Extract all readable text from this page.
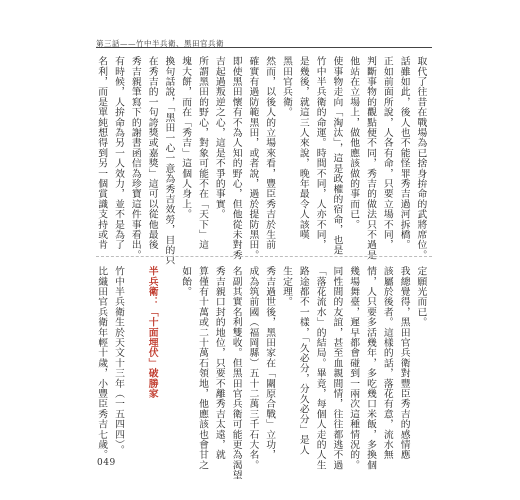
第三話——竹中半兵衛、黑田官兵衛
取代了往昔在戰場為已捨身拚命的武將席位。
話雖如此，後人也不能怪罪秀吉過河拆橋。
正如前面所說，人各有命，只要立場不同，
判斷事物的觀點便不同，秀吉的做法只不過是
他站在立場上，做他應該做的事而已。
使事物走向「淘汰」，這是政權的宿命，也是
竹中半兵衛的命運。時間不同，人亦不同，
是幾後，就這三人來說，晚年最令人該嘆
黑田官兵衛。
然而，以後人的立場來看，豐臣秀吉於生前
確實有過防範黑田，或者說，過於提防黑田。
即使黑田懷有不為人知的野心，但他從未對秀
吉起過叛逆之心，這是不爭的事實。
所謂黑田的野心，對象可能不在「天下」這
塊大餅，而在「秀吉」這個人身上。
換句話說，「黑田一心一意為秀吉效勞，目的只
在秀吉的一句誇獎或嘉獎」這可以從他最後
秀吉親筆寫下的謝書函信為珍寶這件事看出。
有時候，人拚命為另一人效力，並不是為了
名利，而是單純想得到另一個賞識支持或肯
定願光而已。
我總覺得，黑田官兵衛對豐臣秀吉的感情應
該屬於後者。這樣的話，落花有意，流水無
情，人只要多活幾年，多吃幾口米飯，多換個
幾場舞臺，遲早都會碰到一兩次這種情況的。
同性間的友誼，甚至血親間情，往往都逃不過
「落花流水」的結局。畢竟，每個人走的人生
路途都不一樣，「久必分，分久必分」是人
生定理。
秀吉過世後，黑田家在「關原合戰」立功，
成為筑前國（福岡縣）五十二萬三千石大名。
名副其實名利雙收。但黑田官兵衛可能更為渴望
秀吉親口封的地位，只要不離秀吉太遠，就
算僅有十萬或二十萬石領地，他應該也會甘之
如飴。
半兵衛：「十面埋伏」破勝家
竹中半兵衛生於天文十三年（一五四四）。
比織田官兵衛年輕十歲，小豐臣秀吉七歲。
049
